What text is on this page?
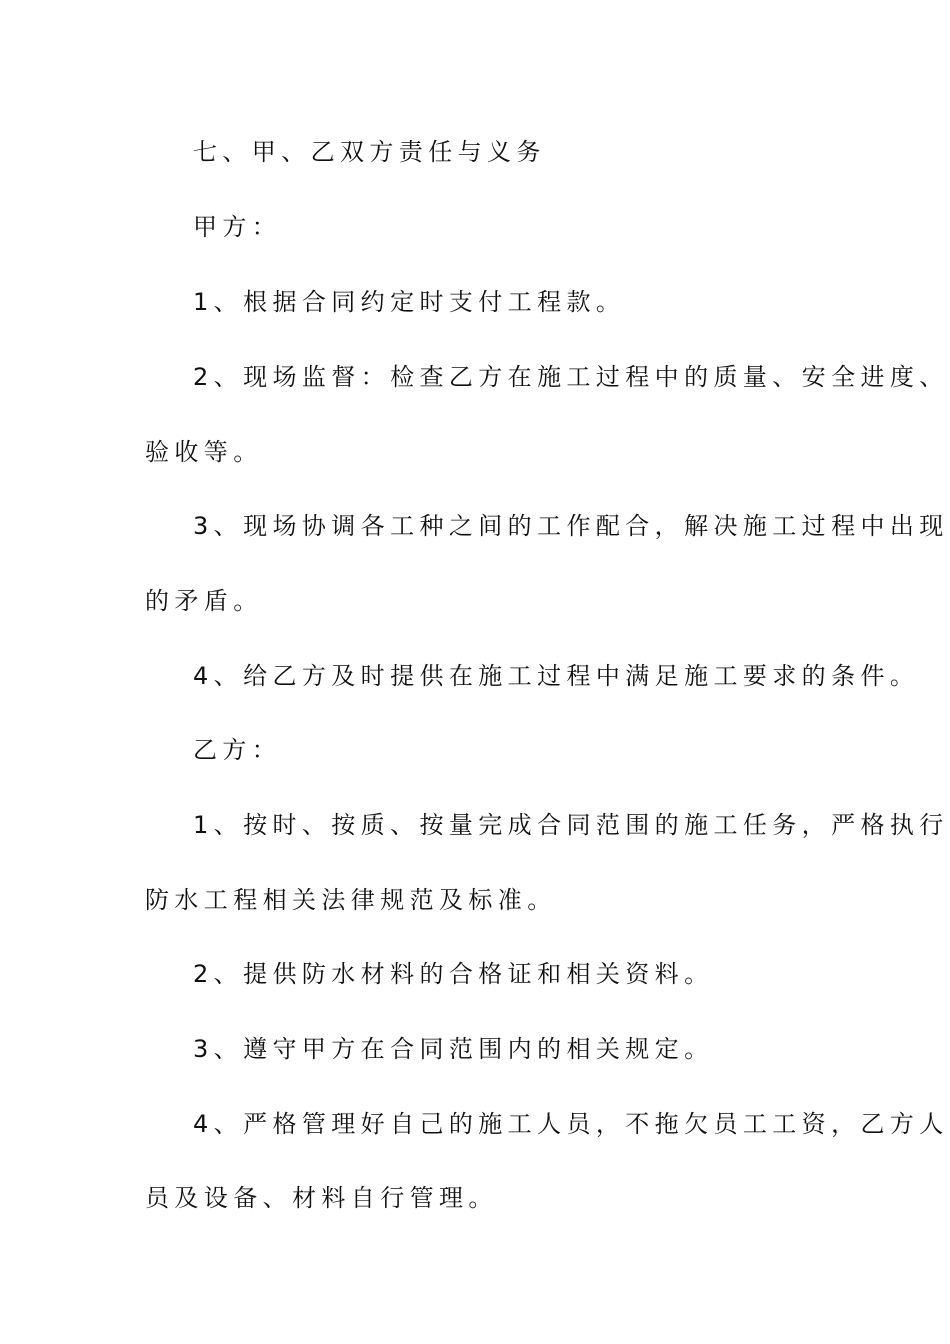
七、甲、乙双方责任与义务
甲方：
1、根据合同约定时支付工程款。
2、现场监督：检查乙方在施工过程中的质量、安全进度、
验收等。
3、现场协调各工种之间的工作配合，解决施工过程中出现
的矛盾。
4、给乙方及时提供在施工过程中满足施工要求的条件。
乙方：
1、按时、按质、按量完成合同范围的施工任务，严格执行
防水工程相关法律规范及标准。
2、提供防水材料的合格证和相关资料。
3、遵守甲方在合同范围内的相关规定。
4、严格管理好自己的施工人员，不拖欠员工工资，乙方人
员及设备、材料自行管理。
